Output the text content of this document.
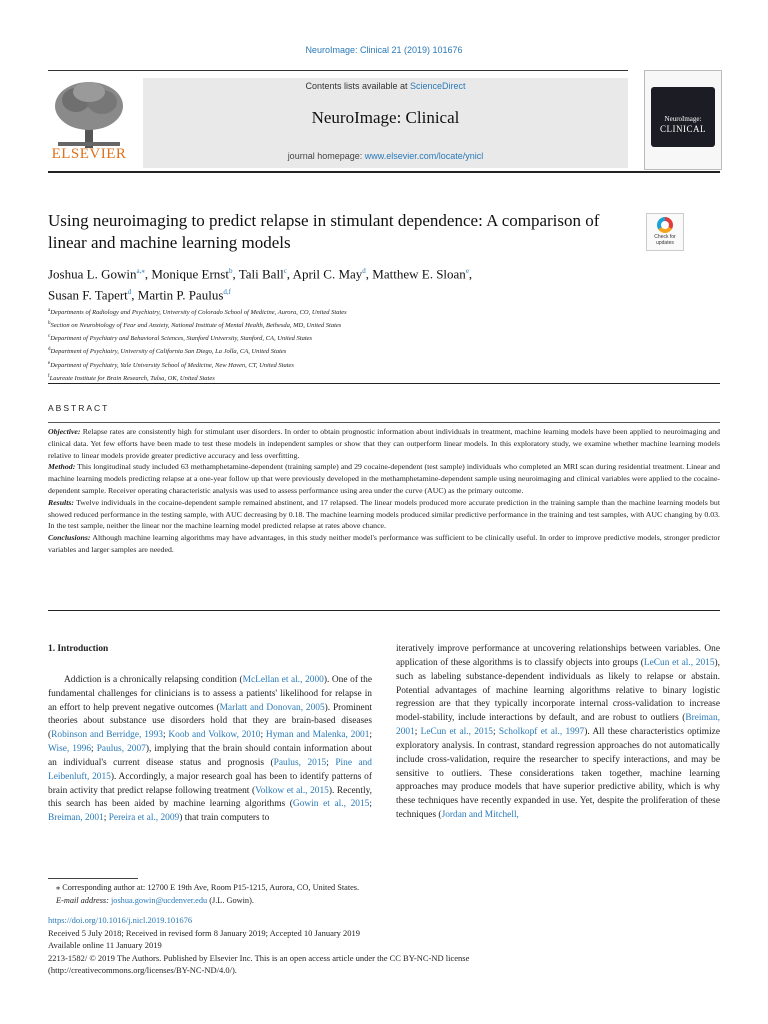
NeuroImage: Clinical 21 (2019) 101676
ELSEVIER
Contents lists available at ScienceDirect
NeuroImage: Clinical
journal homepage: www.elsevier.com/locate/ynicl
NeuroImage:
CLINICAL
Using neuroimaging to predict relapse in stimulant dependence: A comparison of linear and machine learning models	Check for
updates
Joshua L. Gowin$^{a,⁎}$, Monique Ernst$^b$, Tali Ball$^c$, April C. May$^d$, Matthew E. Sloan$^e$,
Susan F. Tapert$^d$, Martin P. Paulus$^{d,f}$
$^a$Departments of Radiology and Psychiatry, University of Colorado School of Medicine, Aurora, CO, United States
$^b$Section on Neurobiology of Fear and Anxiety, National Institute of Mental Health, Bethesda, MD, United States
$^c$Department of Psychiatry and Behavioral Sciences, Stanford University, Stanford, CA, United States
$^d$Department of Psychiatry, University of California San Diego, La Jolla, CA, United States
$^e$Department of Psychiatry, Yale University School of Medicine, New Haven, CT, United States
$^f$Laureate Institute for Brain Research, Tulsa, OK, United States
ABSTRACT

Objective: Relapse rates are consistently high for stimulant user disorders. In order to obtain prognostic information about individuals in treatment, machine learning models have been applied to neuroimaging and clinical data. Yet few efforts have been made to test these models in independent samples or show that they can outperform linear models. In this exploratory study, we examine whether machine learning models relative to linear models provide greater predictive accuracy and less overfitting.

Method: This longitudinal study included 63 methamphetamine-dependent (training sample) and 29 cocaine-dependent (test sample) individuals who completed an MRI scan during residential treatment. Linear and machine learning models predicting relapse at a one-year follow up that were previously developed in the methamphetamine-dependent sample using neuroimaging and clinical variables were applied to the cocaine-dependent sample. Receiver operating characteristic analysis was used to assess performance using area under the curve (AUC) as the primary outcome.

Results: Twelve individuals in the cocaine-dependent sample remained abstinent, and 17 relapsed. The linear models produced more accurate prediction in the training sample than the machine learning models but showed reduced performance in the testing sample, with AUC decreasing by 0.18. The machine learning models produced similar predictive performance in the training and test samples, with AUC changing by 0.03. In the test sample, neither the linear nor the machine learning model predicted relapse at rates above chance.

Conclusions: Although machine learning algorithms may have advantages, in this study neither model's performance was sufficient to be clinically useful. In order to improve predictive models, stronger predictor variables and larger samples are needed.

1. Introduction

Addiction is a chronically relapsing condition (McLellan et al., 2000). One of the fundamental challenges for clinicians is to assess a patients' likelihood for relapse in an effort to help prevent negative outcomes (Marlatt and Donovan, 2005). Prominent theories about substance use disorders hold that they are brain-based diseases (Robinson and Berridge, 1993; Koob and Volkow, 2010; Hyman and Malenka, 2001; Wise, 1996; Paulus, 2007), implying that the brain should contain information about an individual's current disease status and prognosis (Paulus, 2015; Pine and Leibenluft, 2015). Accordingly, a major research goal has been to identify patterns of brain activity that predict relapse following treatment (Volkow et al., 2015). Recently, this search has been aided by machine learning algorithms (Gowin et al., 2015; Breiman, 2001; Pereira et al., 2009) that train computers to

iteratively improve performance at uncovering relationships between variables. One application of these algorithms is to classify objects into groups (LeCun et al., 2015), such as labeling substance-dependent individuals as likely to relapse or abstain. Potential advantages of machine learning algorithms relative to binary logistic regression are that they typically incorporate internal cross-validation to increase model-stability, include interactions by default, and are robust to outliers (Breiman, 2001; LeCun et al., 2015; Scholkopf et al., 1997). All these characteristics optimize exploratory analysis. In contrast, standard regression approaches do not automatically include cross-validation, require the researcher to specify interactions, and may be sensitive to outliers. These considerations taken together, machine learning approaches may produce models that have superior predictive ability, which is why these techniques have recently expanded in use. Yet, despite the proliferation of these techniques (Jordan and Mitchell,

⁎ Corresponding author at: 12700 E 19th Ave, Room P15-1215, Aurora, CO, United States.
E-mail address: joshua.gowin@ucdenver.edu (J.L. Gowin).
https://doi.org/10.1016/j.nicl.2019.101676
Received 5 July 2018; Received in revised form 8 January 2019; Accepted 10 January 2019
Available online 11 January 2019
2213-1582/ © 2019 The Authors. Published by Elsevier Inc. This is an open access article under the CC BY-NC-ND license
(http://creativecommons.org/licenses/BY-NC-ND/4.0/).
